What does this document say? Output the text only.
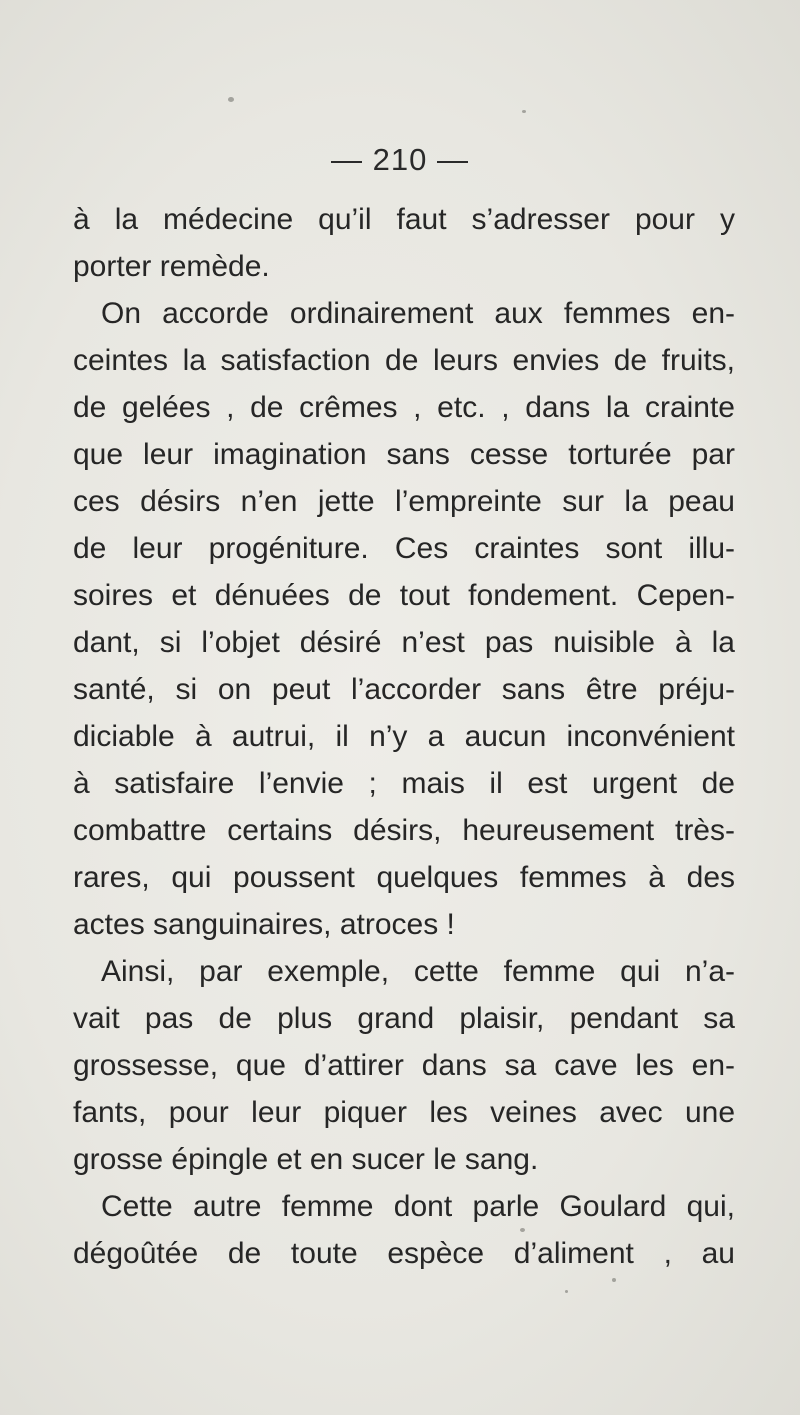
— 210 —
à la médecine qu’il faut s’adresser pour y
porter remède.
On accorde ordinairement aux femmes en-
ceintes la satisfaction de leurs envies de fruits,
de gelées , de crêmes , etc. , dans la crainte
que leur imagination sans cesse torturée par
ces désirs n’en jette l’empreinte sur la peau
de leur progéniture. Ces craintes sont illu-
soires et dénuées de tout fondement. Cepen-
dant, si l’objet désiré n’est pas nuisible à la
santé, si on peut l’accorder sans être préju-
diciable à autrui, il n’y a aucun inconvénient
à satisfaire l’envie ; mais il est urgent de
combattre certains désirs, heureusement très-
rares, qui poussent quelques femmes à des
actes sanguinaires, atroces !
Ainsi, par exemple, cette femme qui n’a-
vait pas de plus grand plaisir, pendant sa
grossesse, que d’attirer dans sa cave les en-
fants, pour leur piquer les veines avec une
grosse épingle et en sucer le sang.
Cette autre femme dont parle Goulard qui,
dégoûtée de toute espèce d’aliment , au
